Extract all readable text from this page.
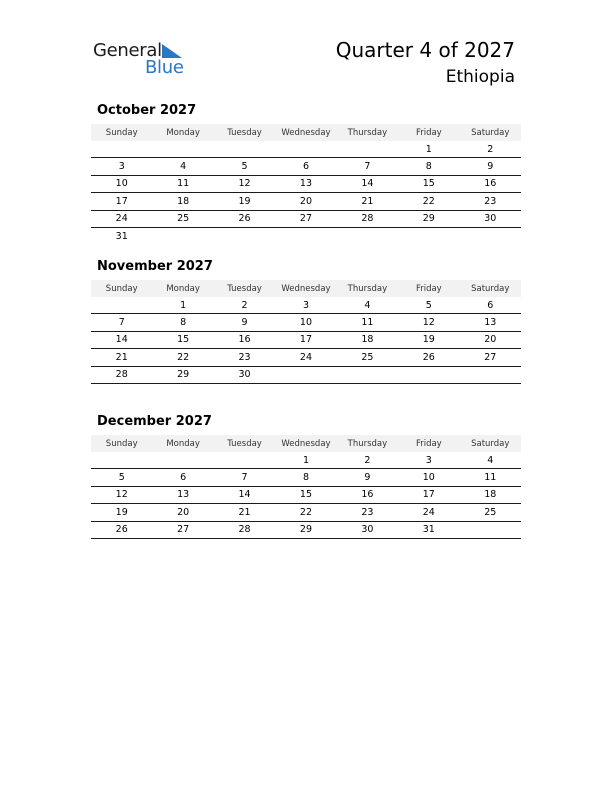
General
Blue
Quarter 4 of 2027
Ethiopia
October 2027
Sunday	Monday	Tuesday	Wednesday	Thursday	Friday	Saturday
					1	2
3	4	5	6	7	8	9
10	11	12	13	14	15	16
17	18	19	20	21	22	23
24	25	26	27	28	29	30
31						
November 2027
Sunday	Monday	Tuesday	Wednesday	Thursday	Friday	Saturday
	1	2	3	4	5	6
7	8	9	10	11	12	13
14	15	16	17	18	19	20
21	22	23	24	25	26	27
28	29	30				
December 2027
Sunday	Monday	Tuesday	Wednesday	Thursday	Friday	Saturday
			1	2	3	4
5	6	7	8	9	10	11
12	13	14	15	16	17	18
19	20	21	22	23	24	25
26	27	28	29	30	31	
